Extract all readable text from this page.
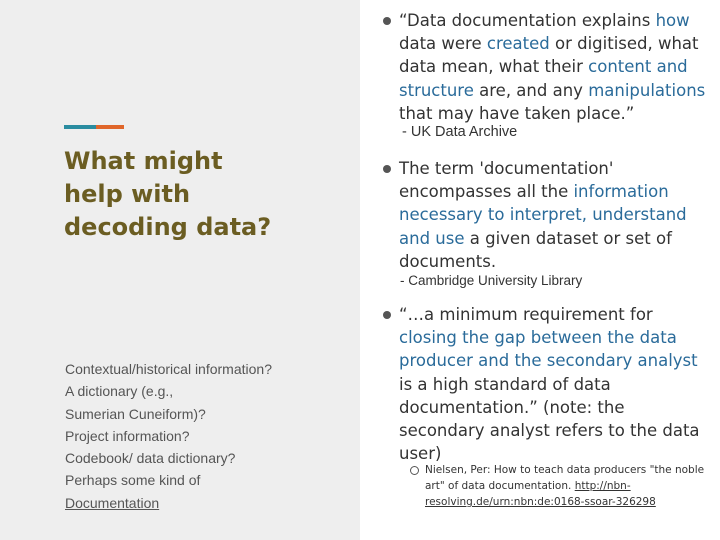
What might
help with
decoding data?
Contextual/historical information?
A dictionary (e.g.,
Sumerian Cuneiform)?
Project information?
Codebook/ data dictionary?
Perhaps some kind of
Documentation
“Data documentation explains how data were created or digitised, what data mean, what their content and structure are, and any manipulations that may have taken place.”
- UK Data Archive
The term 'documentation' encompasses all the information necessary to interpret, understand and use a given dataset or set of documents.
- Cambridge University Library
“…a minimum requirement for closing the gap between the data producer and the secondary analyst is a high standard of data documentation.” (note: the secondary analyst refers to the data user)
Nielsen, Per: How to teach data producers "the noble art" of data documentation. http://nbn-resolving.de/urn:nbn:de:0168-ssoar-326298
